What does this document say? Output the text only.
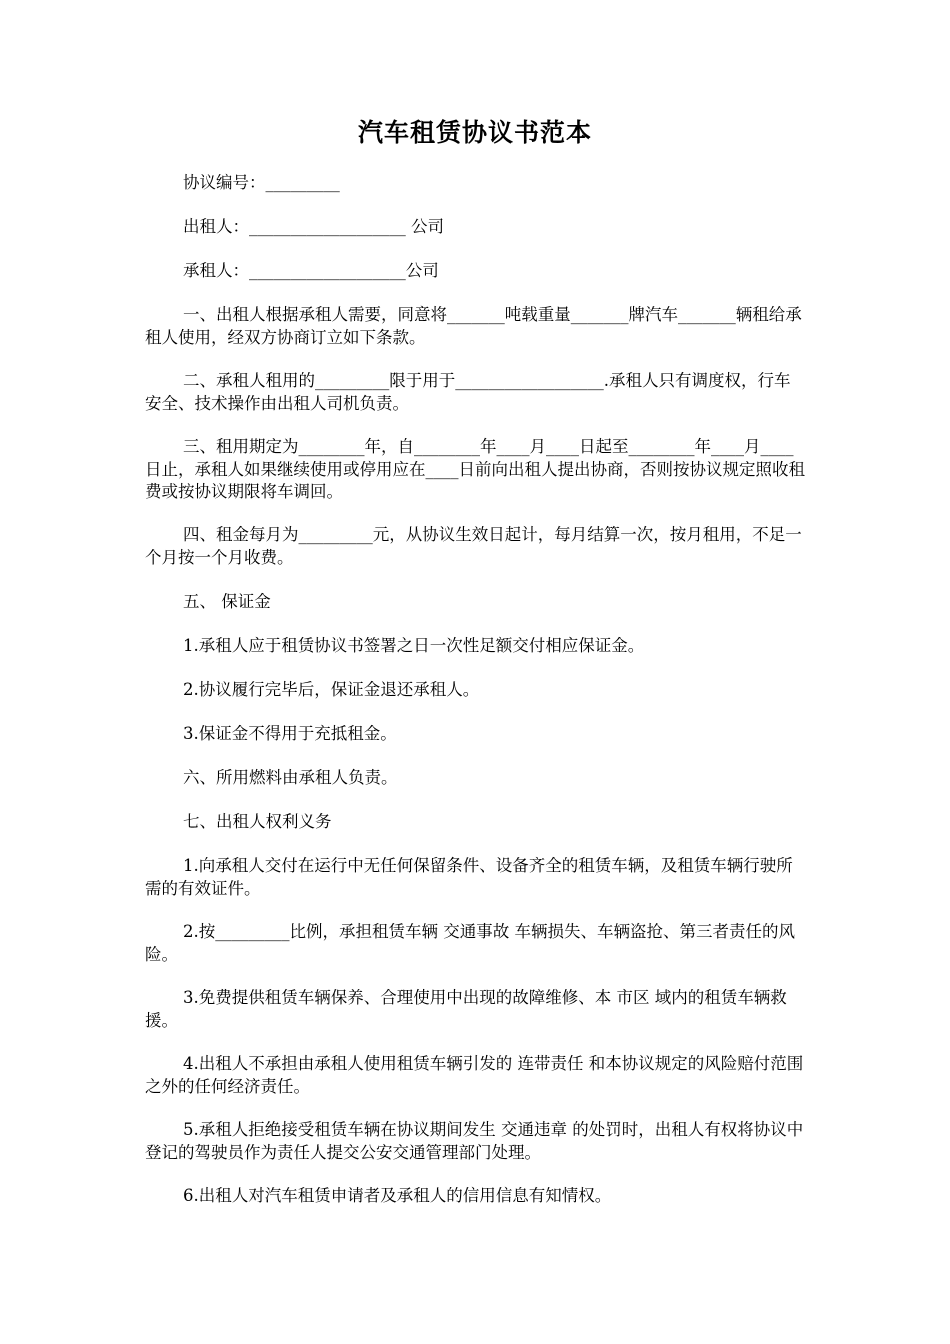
汽车租赁协议书范本
协议编号：_________
出租人：___________________ 公司
承租人：___________________公司
一、出租人根据承租人需要，同意将_______吨载重量_______牌汽车_______辆租给承租人使用，经双方协商订立如下条款。
二、承租人租用的_________限于用于__________________.承租人只有调度权，行车安全、技术操作由出租人司机负责。
三、租用期定为________年，自________年____月____日起至________年____月____日止，承租人如果继续使用或停用应在____日前向出租人提出协商，否则按协议规定照收租费或按协议期限将车调回。
四、租金每月为_________元，从协议生效日起计，每月结算一次，按月租用，不足一个月按一个月收费。
五、 保证金
1.承租人应于租赁协议书签署之日一次性足额交付相应保证金。
2.协议履行完毕后，保证金退还承租人。
3.保证金不得用于充抵租金。
六、所用燃料由承租人负责。
七、出租人权利义务
1.向承租人交付在运行中无任何保留条件、设备齐全的租赁车辆，及租赁车辆行驶所需的有效证件。
2.按_________比例，承担租赁车辆 交通事故 车辆损失、车辆盗抢、第三者责任的风险。
3.免费提供租赁车辆保养、合理使用中出现的故障维修、本 市区 域内的租赁车辆救援。
4.出租人不承担由承租人使用租赁车辆引发的 连带责任 和本协议规定的风险赔付范围之外的任何经济责任。
5.承租人拒绝接受租赁车辆在协议期间发生 交通违章 的处罚时，出租人有权将协议中登记的驾驶员作为责任人提交公安交通管理部门处理。
6.出租人对汽车租赁申请者及承租人的信用信息有知情权。
